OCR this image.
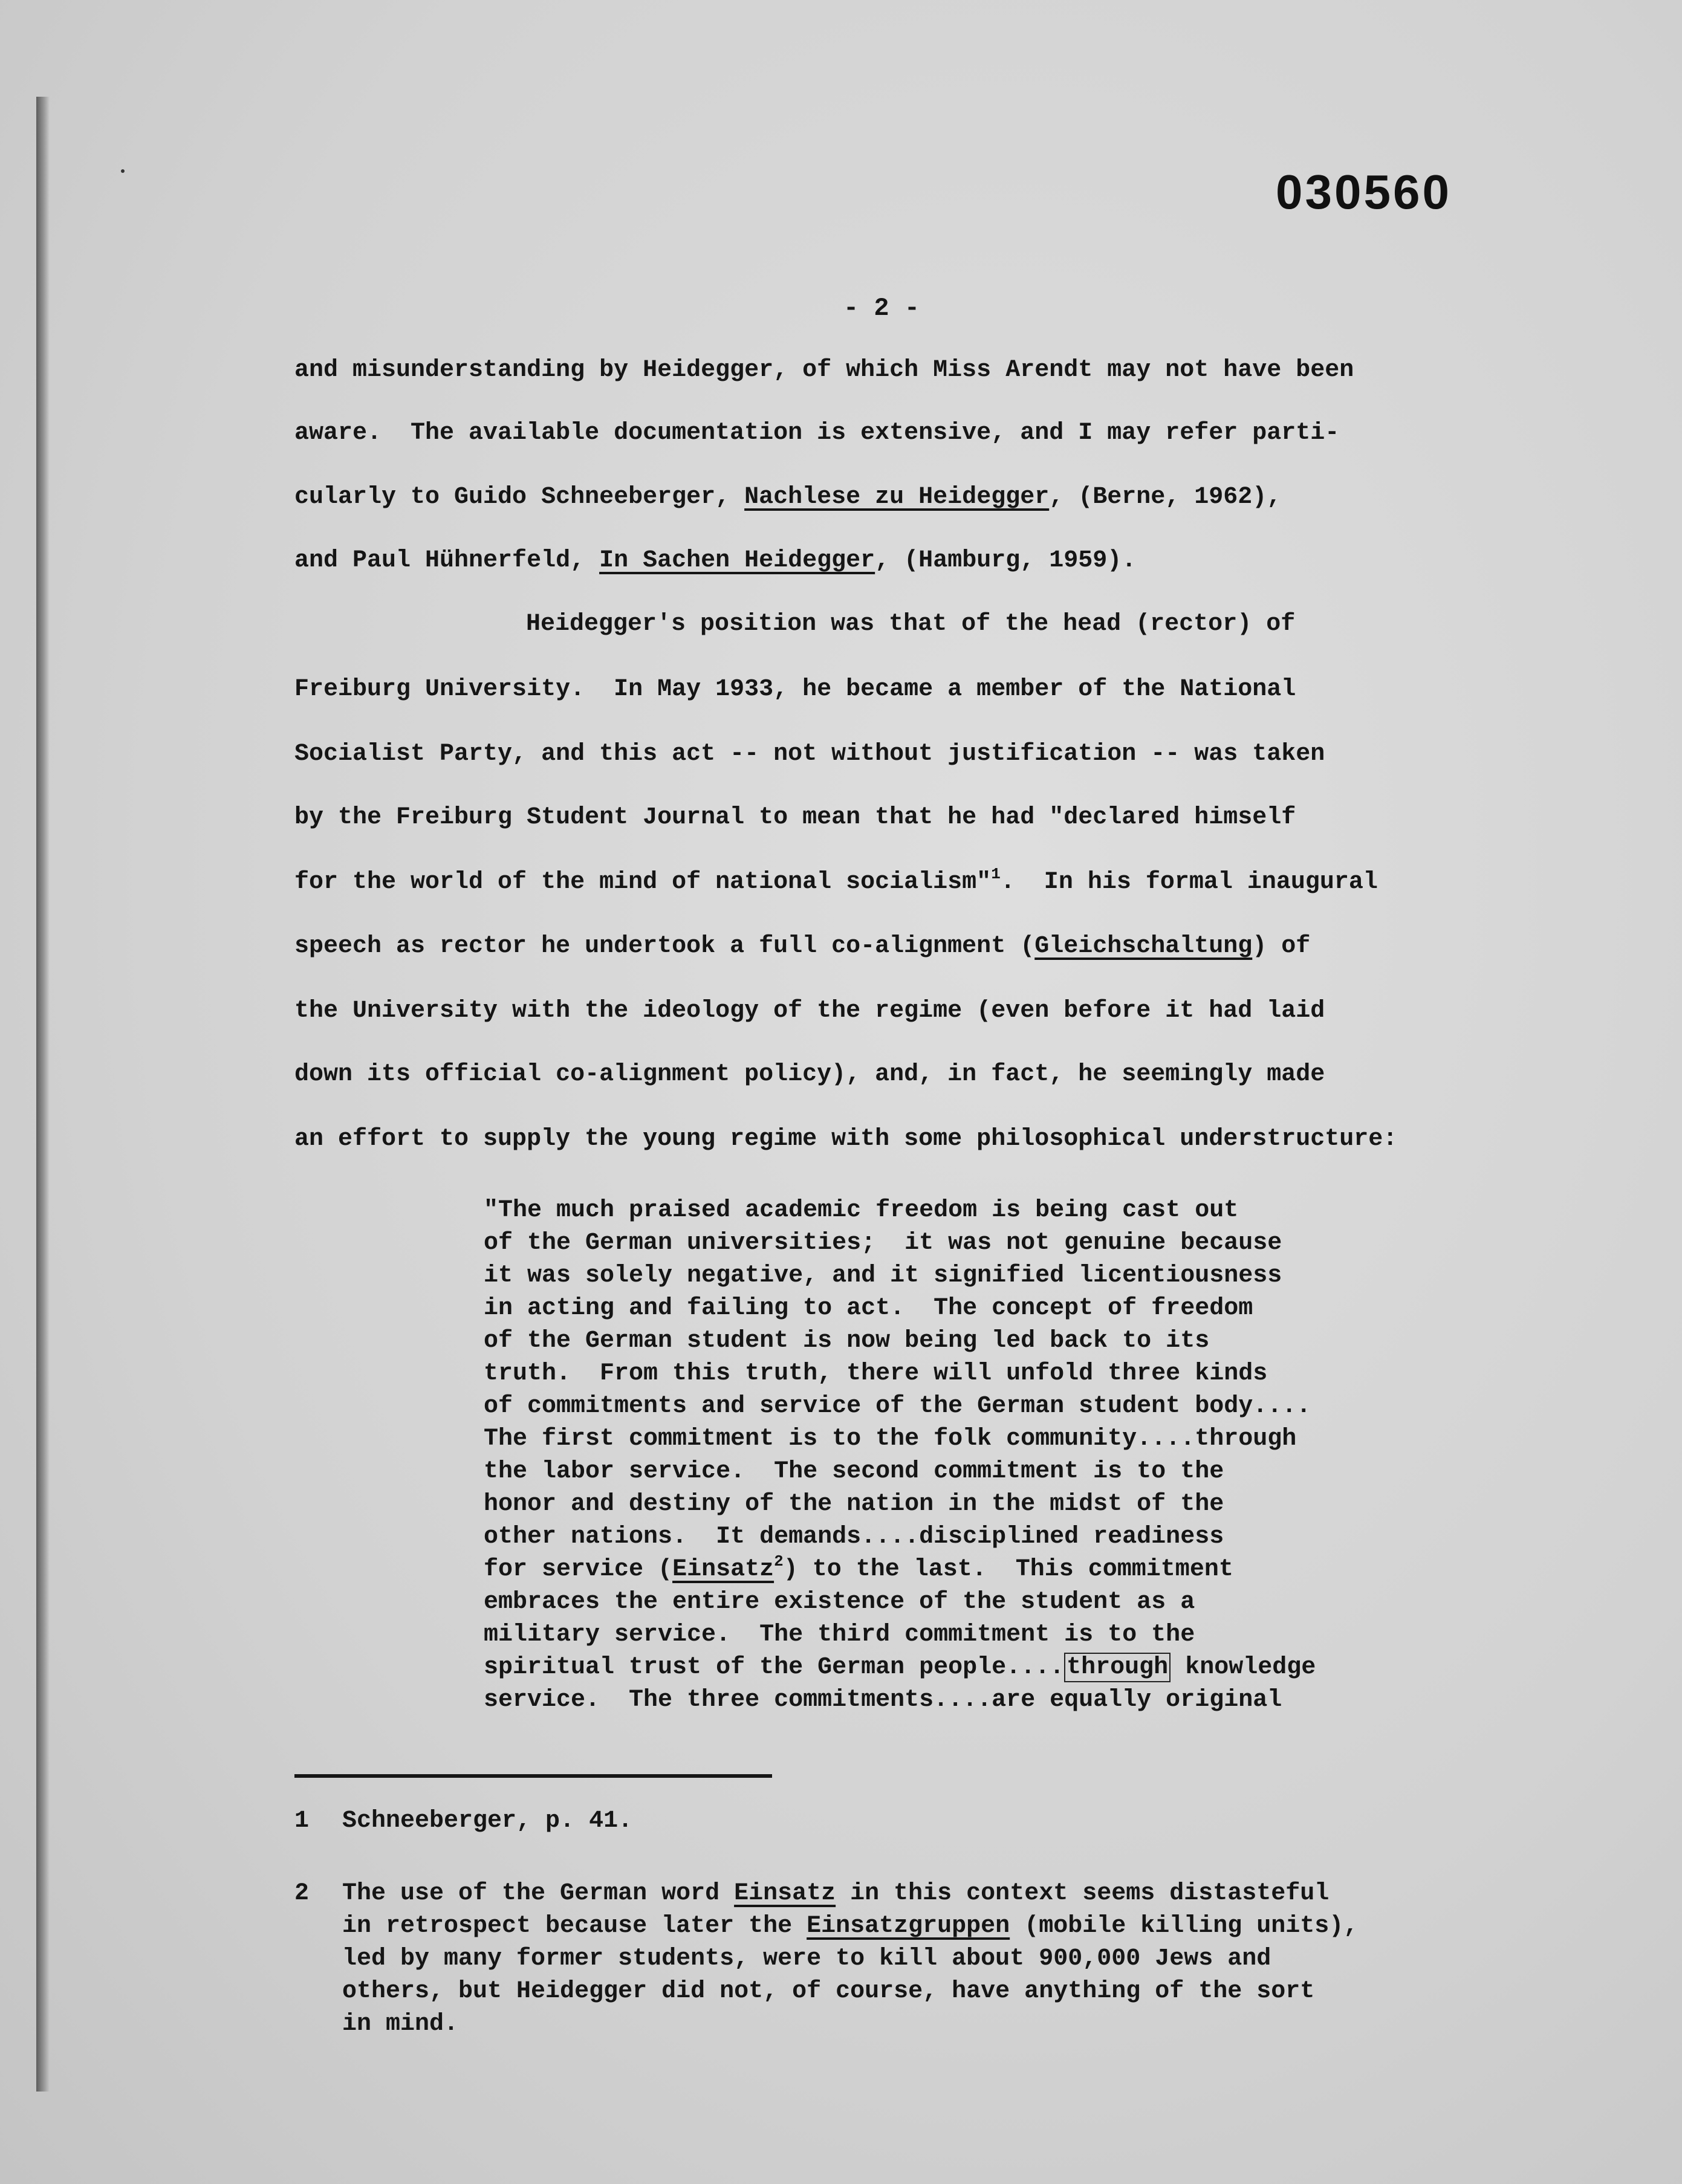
030560
- 2 -
and misunderstanding by Heidegger, of which Miss Arendt may not have been
aware.  The available documentation is extensive, and I may refer parti-
cularly to Guido Schneeberger, Nachlese zu Heidegger, (Berne, 1962),
and Paul Hühnerfeld, In Sachen Heidegger, (Hamburg, 1959).
Heidegger's position was that of the head (rector) of
Freiburg University.  In May 1933, he became a member of the National
Socialist Party, and this act -- not without justification -- was taken
by the Freiburg Student Journal to mean that he had "declared himself
for the world of the mind of national socialism"$^1$.  In his formal inaugural
speech as rector he undertook a full co-alignment (Gleichschaltung) of
the University with the ideology of the regime (even before it had laid
down its official co-alignment policy), and, in fact, he seemingly made
an effort to supply the young regime with some philosophical understructure:
"The much praised academic freedom is being cast out
of the German universities;  it was not genuine because
it was solely negative, and it signified licentiousness
in acting and failing to act.  The concept of freedom
of the German student is now being led back to its
truth.  From this truth, there will unfold three kinds
of commitments and service of the German student body....
The first commitment is to the folk community....through
the labor service.  The second commitment is to the
honor and destiny of the nation in the midst of the
other nations.  It demands....disciplined readiness
for service (Einsatz$^2$) to the last.  This commitment
embraces the entire existence of the student as a
military service.  The third commitment is to the
spiritual trust of the German people.... through knowledge
service.  The three commitments....are equally original
1 Schneeberger, p. 41.
2 The use of the German word Einsatz in this context seems distasteful
in retrospect because later the Einsatzgruppen (mobile killing units),
led by many former students, were to kill about 900,000 Jews and
others, but Heidegger did not, of course, have anything of the sort
in mind.
